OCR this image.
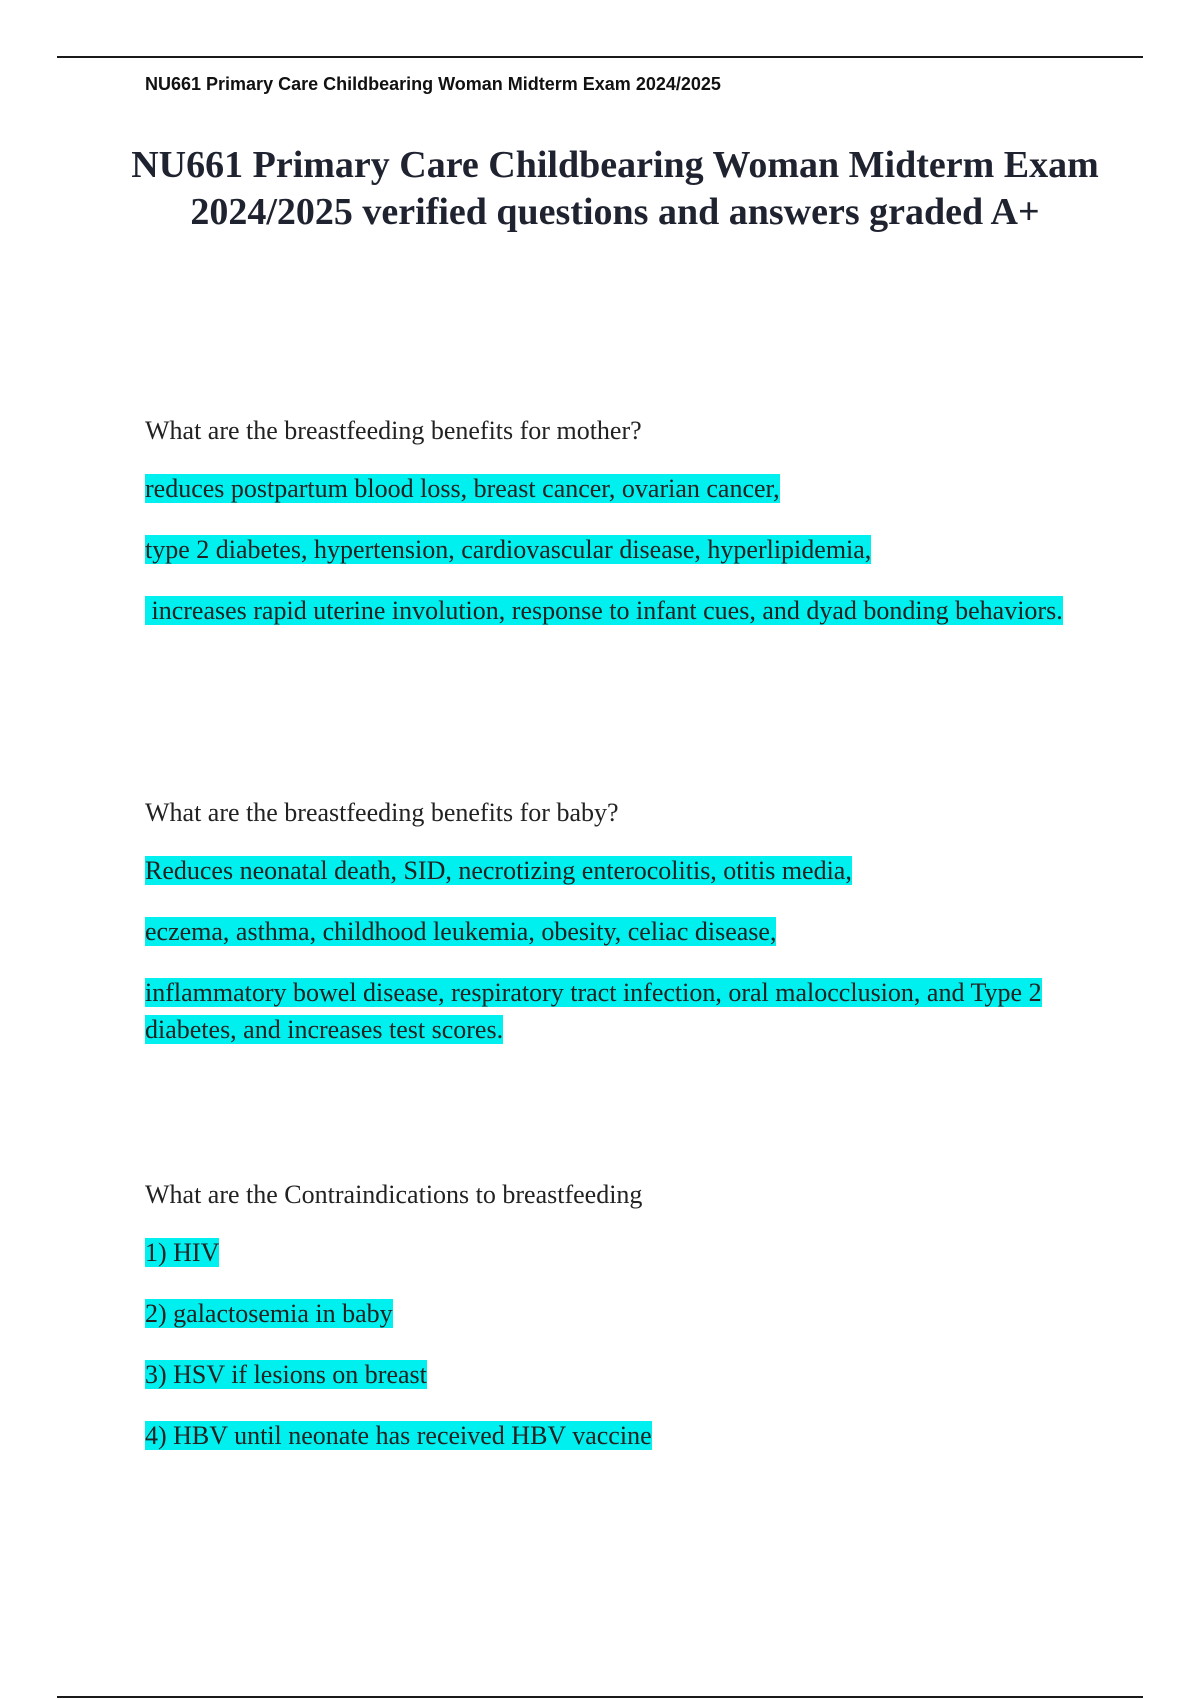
NU661 Primary Care Childbearing Woman Midterm Exam 2024/2025
NU661 Primary Care Childbearing Woman Midterm Exam 2024/2025 verified questions and answers graded A+

What are the breastfeeding benefits for mother?

reduces postpartum blood loss, breast cancer, ovarian cancer,

type 2 diabetes, hypertension, cardiovascular disease, hyperlipidemia,

increases rapid uterine involution, response to infant cues, and dyad bonding behaviors.

What are the breastfeeding benefits for baby?

Reduces neonatal death, SID, necrotizing enterocolitis, otitis media,

eczema, asthma, childhood leukemia, obesity, celiac disease,

inflammatory bowel disease, respiratory tract infection, oral malocclusion, and Type 2 diabetes, and increases test scores.

What are the Contraindications to breastfeeding

1) HIV

2) galactosemia in baby

3) HSV if lesions on breast

4) HBV until neonate has received HBV vaccine
